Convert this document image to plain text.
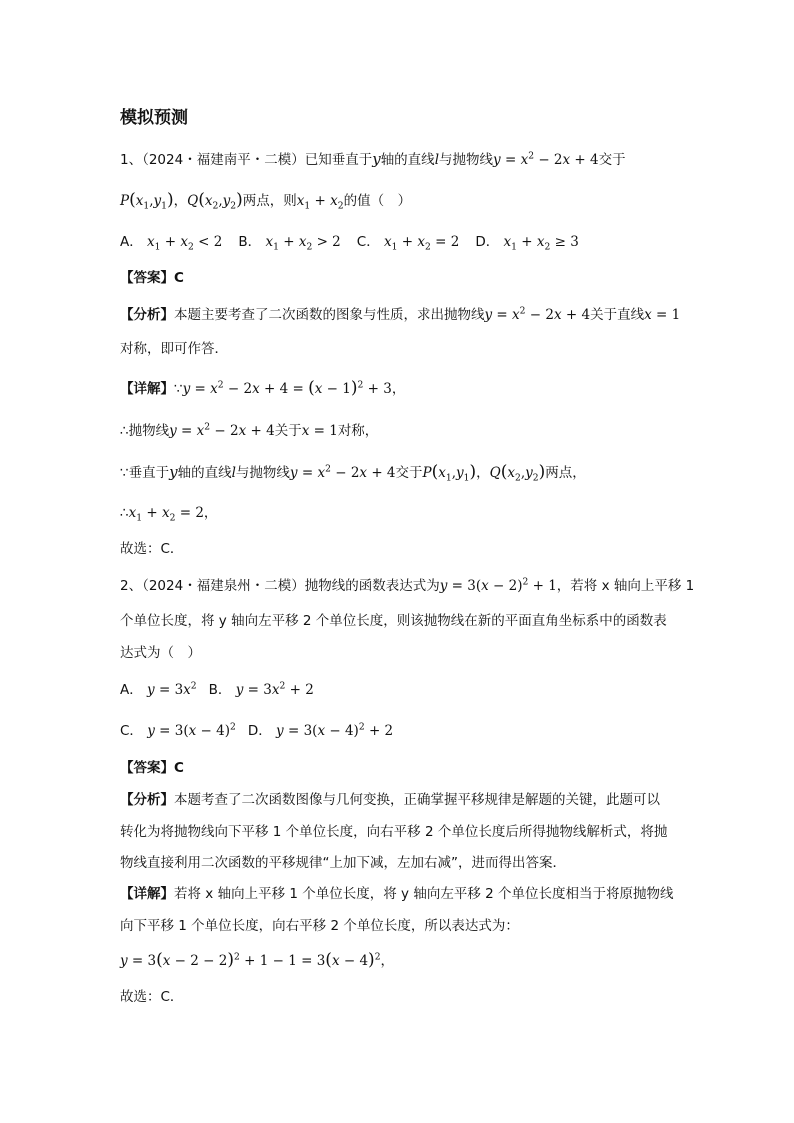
模拟预测
1、（2024・福建南平・二模）已知垂直于y轴的直线l与抛物线$y = x^2 - 2x + 4$交于
$P(x_1,y_1)$，$Q(x_2,y_2)$两点，则$x_1 + x_2$的值（　）
A． $x_1 + x_2 < 2$ B． $x_1 + x_2 > 2$ C． $x_1 + x_2 = 2$ D． $x_1 + x_2 \ge 3$
【答案】C
【分析】本题主要考查了二次函数的图象与性质，求出抛物线$y = x^2 - 2x + 4$关于直线x = 1
对称，即可作答．
【详解】∵y = $x^2 - 2x + 4 = (x - 1)^2 + 3$，
∴抛物线$y = x^2 - 2x + 4$关于x = 1对称，
∵垂直于y轴的直线l与抛物线$y = x^2 - 2x + 4$交于$P(x_1,y_1)$，$Q(x_2,y_2)$两点，
$\therefore x_1 + x_2 = 2$，
故选：C．
2、（2024・福建泉州・二模）抛物线的函数表达式为$y = 3(x - 2)^2 + 1$，若将 x 轴向上平移 1
个单位长度，将 y 轴向左平移 2 个单位长度，则该抛物线在新的平面直角坐标系中的函数表
达式为（　）
A． $y = 3x^2$ B． $y = 3x^2 + 2$
C． $y = 3(x - 4)^2$ D． $y = 3(x - 4)^2 + 2$
【答案】C
【分析】本题考查了二次函数图像与几何变换，正确掌握平移规律是解题的关键，此题可以
转化为将抛物线向下平移 1 个单位长度，向右平移 2 个单位长度后所得抛物线解析式，将抛
物线直接利用二次函数的平移规律“上加下减，左加右减”，进而得出答案．
【详解】若将 x 轴向上平移 1 个单位长度，将 y 轴向左平移 2 个单位长度相当于将原抛物线
向下平移 1 个单位长度，向右平移 2 个单位长度，所以表达式为：
$y = 3(x - 2 - 2)^2 + 1 - 1 = 3(x - 4)^2$，
故选：C．
